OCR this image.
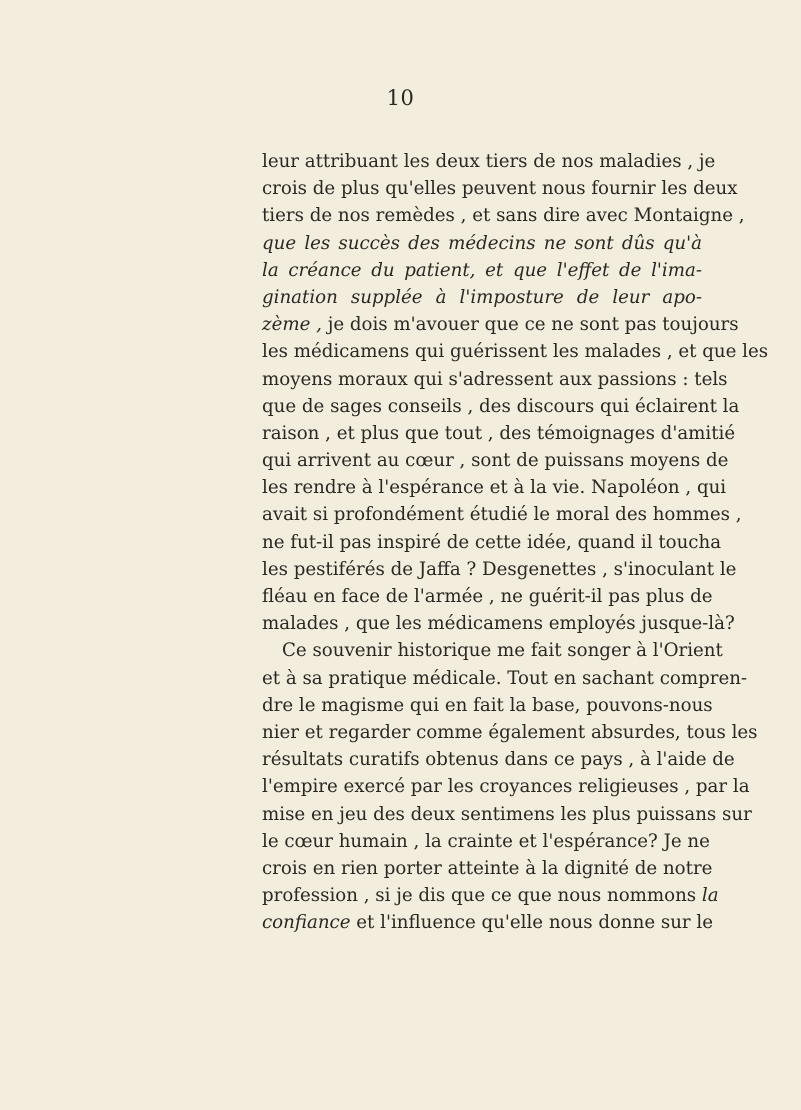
10
leur attribuant les deux tiers de nos maladies , je
crois de plus qu'elles peuvent nous fournir les deux
tiers de nos remèdes , et sans dire avec Montaigne ,
que les succès des médecins ne sont dûs qu'à
la créance du patient, et que l'effet de l'ima-
gination supplée à l'imposture de leur apo-
zème , je dois m'avouer que ce ne sont pas toujours
les médicamens qui guérissent les malades , et que les
moyens moraux qui s'adressent aux passions : tels
que de sages conseils , des discours qui éclairent la
raison , et plus que tout , des témoignages d'amitié
qui arrivent au cœur , sont de puissans moyens de
les rendre à l'espérance et à la vie. Napoléon , qui
avait si profondément étudié le moral des hommes ,
ne fut-il pas inspiré de cette idée, quand il toucha
les pestiférés de Jaffa ? Desgenettes , s'inoculant le
fléau en face de l'armée , ne guérit-il pas plus de
malades , que les médicamens employés jusque-là?
Ce souvenir historique me fait songer à l'Orient
et à sa pratique médicale. Tout en sachant compren-
dre le magisme qui en fait la base, pouvons-nous
nier et regarder comme également absurdes, tous les
résultats curatifs obtenus dans ce pays , à l'aide de
l'empire exercé par les croyances religieuses , par la
mise en jeu des deux sentimens les plus puissans sur
le cœur humain , la crainte et l'espérance? Je ne
crois en rien porter atteinte à la dignité de notre
profession , si je dis que ce que nous nommons la
confiance et l'influence qu'elle nous donne sur le
